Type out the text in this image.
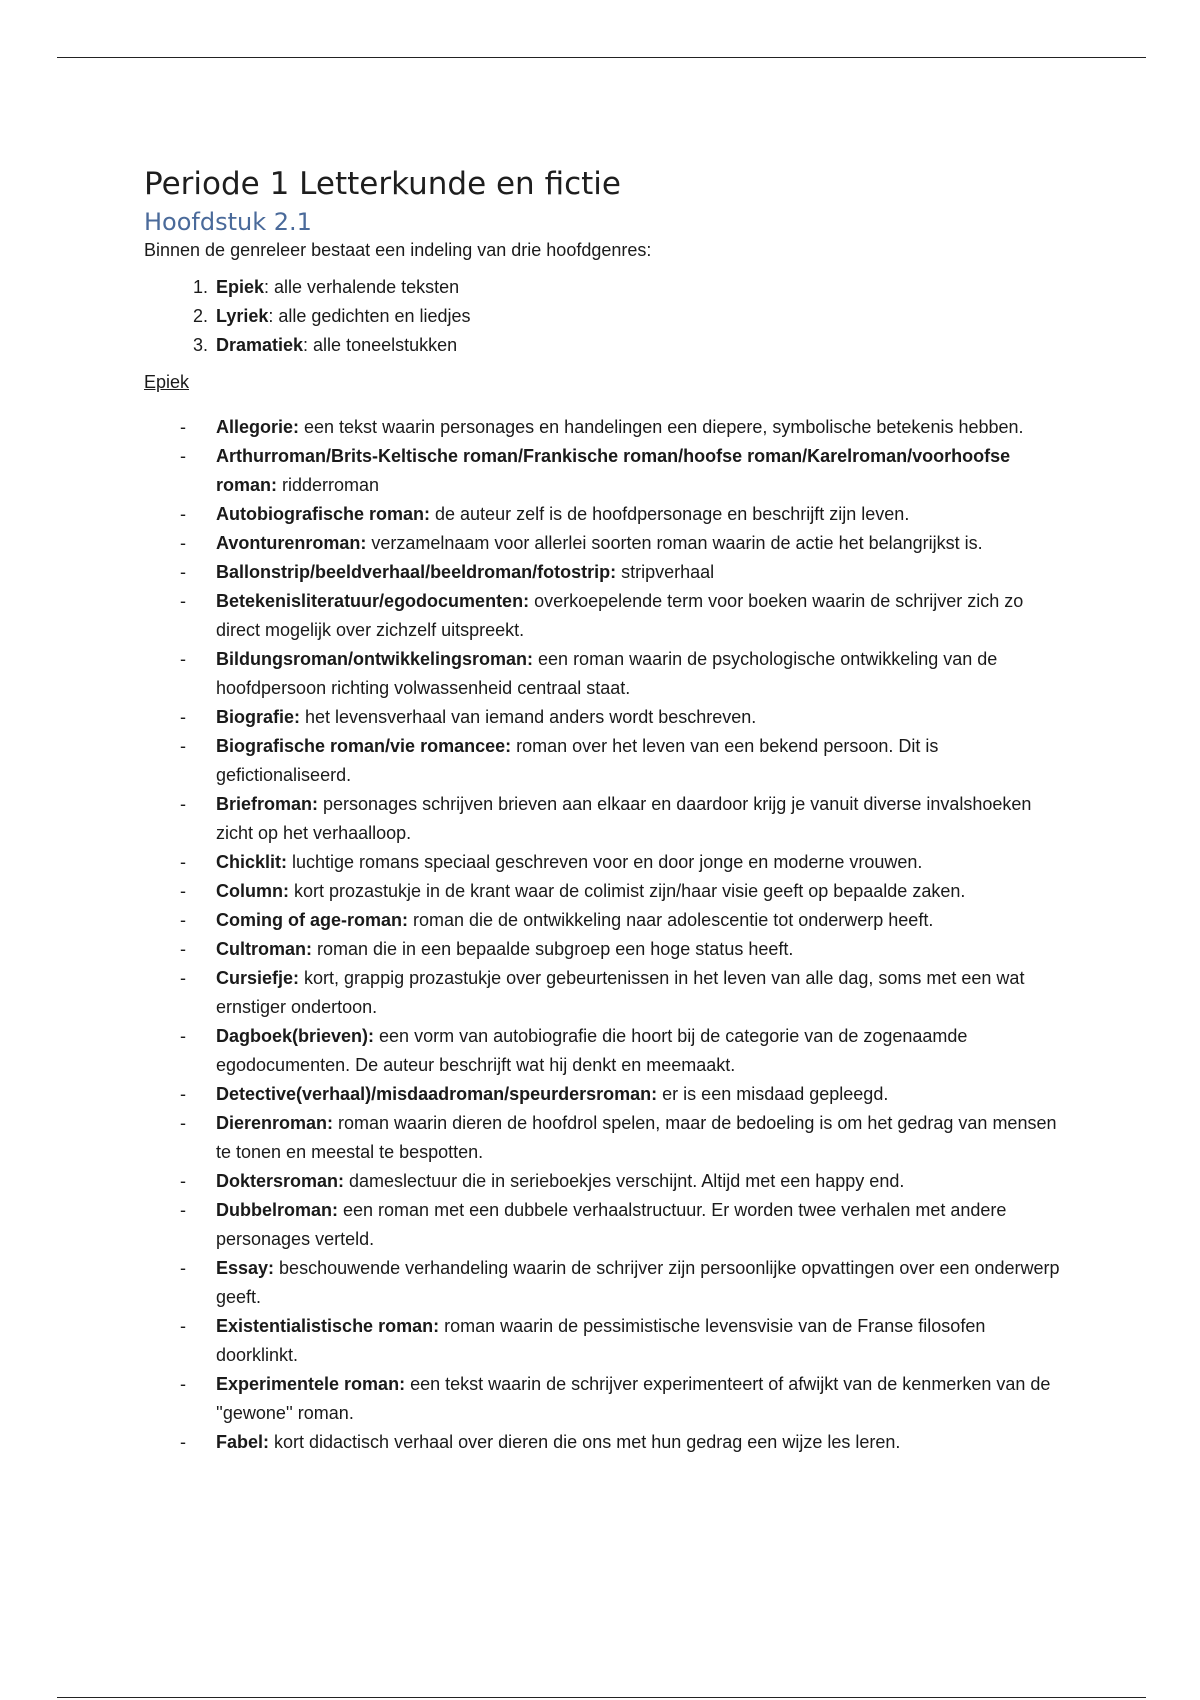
Periode 1 Letterkunde en fictie
Hoofdstuk 2.1

Binnen de genreleer bestaat een indeling van drie hoofdgenres:

1. Epiek: alle verhalende teksten
2. Lyriek: alle gedichten en liedjes
3. Dramatiek: alle toneelstukken
Epiek
-	Allegorie: een tekst waarin personages en handelingen een diepere, symbolische betekenis hebben.
-	Arthurroman/Brits-Keltische roman/Frankische roman/hoofse roman/Karelroman/voorhoofse roman: ridderroman
-	Autobiografische roman: de auteur zelf is de hoofdpersonage en beschrijft zijn leven.
-	Avonturenroman: verzamelnaam voor allerlei soorten roman waarin de actie het belangrijkst is.
-	Ballonstrip/beeldverhaal/beeldroman/fotostrip: stripverhaal
-	Betekenisliteratuur/egodocumenten: overkoepelende term voor boeken waarin de schrijver zich zo direct mogelijk over zichzelf uitspreekt.
-	Bildungsroman/ontwikkelingsroman: een roman waarin de psychologische ontwikkeling van de hoofdpersoon richting volwassenheid centraal staat.
-	Biografie: het levensverhaal van iemand anders wordt beschreven.
-	Biografische roman/vie romancee: roman over het leven van een bekend persoon. Dit is gefictionaliseerd.
-	Briefroman: personages schrijven brieven aan elkaar en daardoor krijg je vanuit diverse invalshoeken zicht op het verhaalloop.
-	Chicklit: luchtige romans speciaal geschreven voor en door jonge en moderne vrouwen.
-	Column: kort prozastukje in de krant waar de colimist zijn/haar visie geeft op bepaalde zaken.
-	Coming of age-roman: roman die de ontwikkeling naar adolescentie tot onderwerp heeft.
-	Cultroman: roman die in een bepaalde subgroep een hoge status heeft.
-	Cursiefje: kort, grappig prozastukje over gebeurtenissen in het leven van alle dag, soms met een wat ernstiger ondertoon.
-	Dagboek(brieven): een vorm van autobiografie die hoort bij de categorie van de zogenaamde egodocumenten. De auteur beschrijft wat hij denkt en meemaakt.
-	Detective(verhaal)/misdaadroman/speurdersroman: er is een misdaad gepleegd.
-	Dierenroman: roman waarin dieren de hoofdrol spelen, maar de bedoeling is om het gedrag van mensen te tonen en meestal te bespotten.
-	Doktersroman: dameslectuur die in serieboekjes verschijnt. Altijd met een happy end.
-	Dubbelroman: een roman met een dubbele verhaalstructuur. Er worden twee verhalen met andere personages verteld.
-	Essay: beschouwende verhandeling waarin de schrijver zijn persoonlijke opvattingen over een onderwerp geeft.
-	Existentialistische roman: roman waarin de pessimistische levensvisie van de Franse filosofen doorklinkt.
-	Experimentele roman: een tekst waarin de schrijver experimenteert of afwijkt van de kenmerken van de ''gewone'' roman.
-	Fabel: kort didactisch verhaal over dieren die ons met hun gedrag een wijze les leren.
